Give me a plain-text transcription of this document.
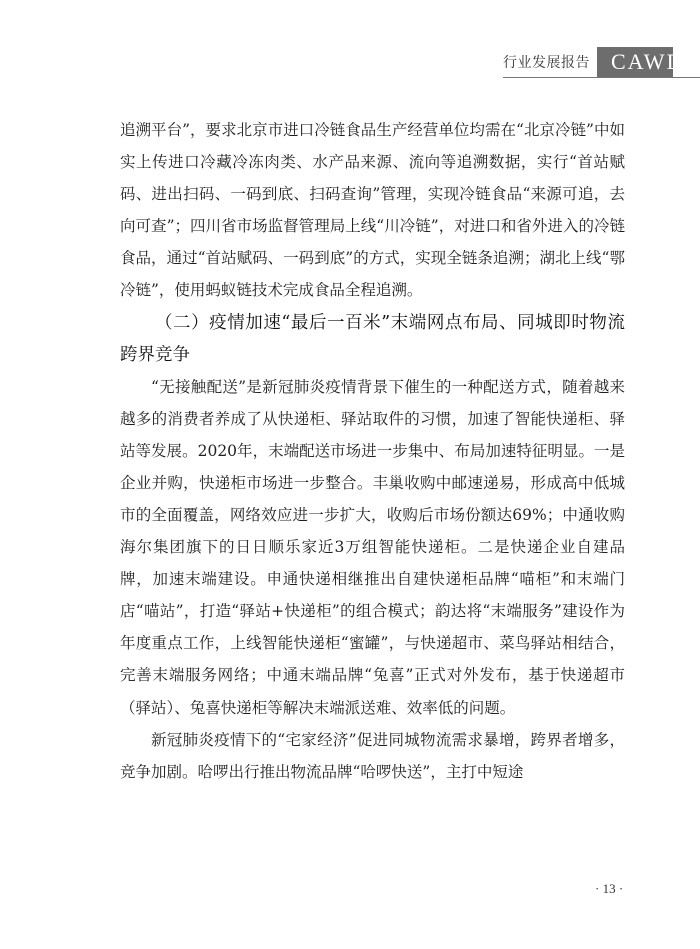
行业发展报告 CAWD

追溯平台”，要求北京市进口冷链食品生产经营单位均需在“北京冷链”中如实上传进口冷藏冷冻肉类、水产品来源、流向等追溯数据，实行“首站赋码、进出扫码、一码到底、扫码查询”管理，实现冷链食品“来源可追，去向可查”；四川省市场监督管理局上线“川冷链”，对进口和省外进入的冷链食品，通过“首站赋码、一码到底”的方式，实现全链条追溯；湖北上线“鄂冷链”，使用蚂蚁链技术完成食品全程追溯。

（二）疫情加速“最后一百米”末端网点布局、同城即时物流跨界竞争

“无接触配送”是新冠肺炎疫情背景下催生的一种配送方式，随着越来越多的消费者养成了从快递柜、驿站取件的习惯，加速了智能快递柜、驿站等发展。2020年，末端配送市场进一步集中、布局加速特征明显。一是企业并购，快递柜市场进一步整合。丰巢收购中邮速递易，形成高中低城市的全面覆盖，网络效应进一步扩大，收购后市场份额达69%；中通收购海尔集团旗下的日日顺乐家近3万组智能快递柜。二是快递企业自建品牌，加速末端建设。申通快递相继推出自建快递柜品牌“喵柜”和末端门店“喵站”，打造“驿站+快递柜”的组合模式；韵达将“末端服务”建设作为年度重点工作，上线智能快递柜“蜜罐”，与快递超市、菜鸟驿站相结合，完善末端服务网络；中通末端品牌“兔喜”正式对外发布，基于快递超市（驿站）、兔喜快递柜等解决末端派送难、效率低的问题。

新冠肺炎疫情下的“宅家经济”促进同城物流需求暴增，跨界者增多，竞争加剧。哈啰出行推出物流品牌“哈啰快送”，主打中短途

· 13 ·
